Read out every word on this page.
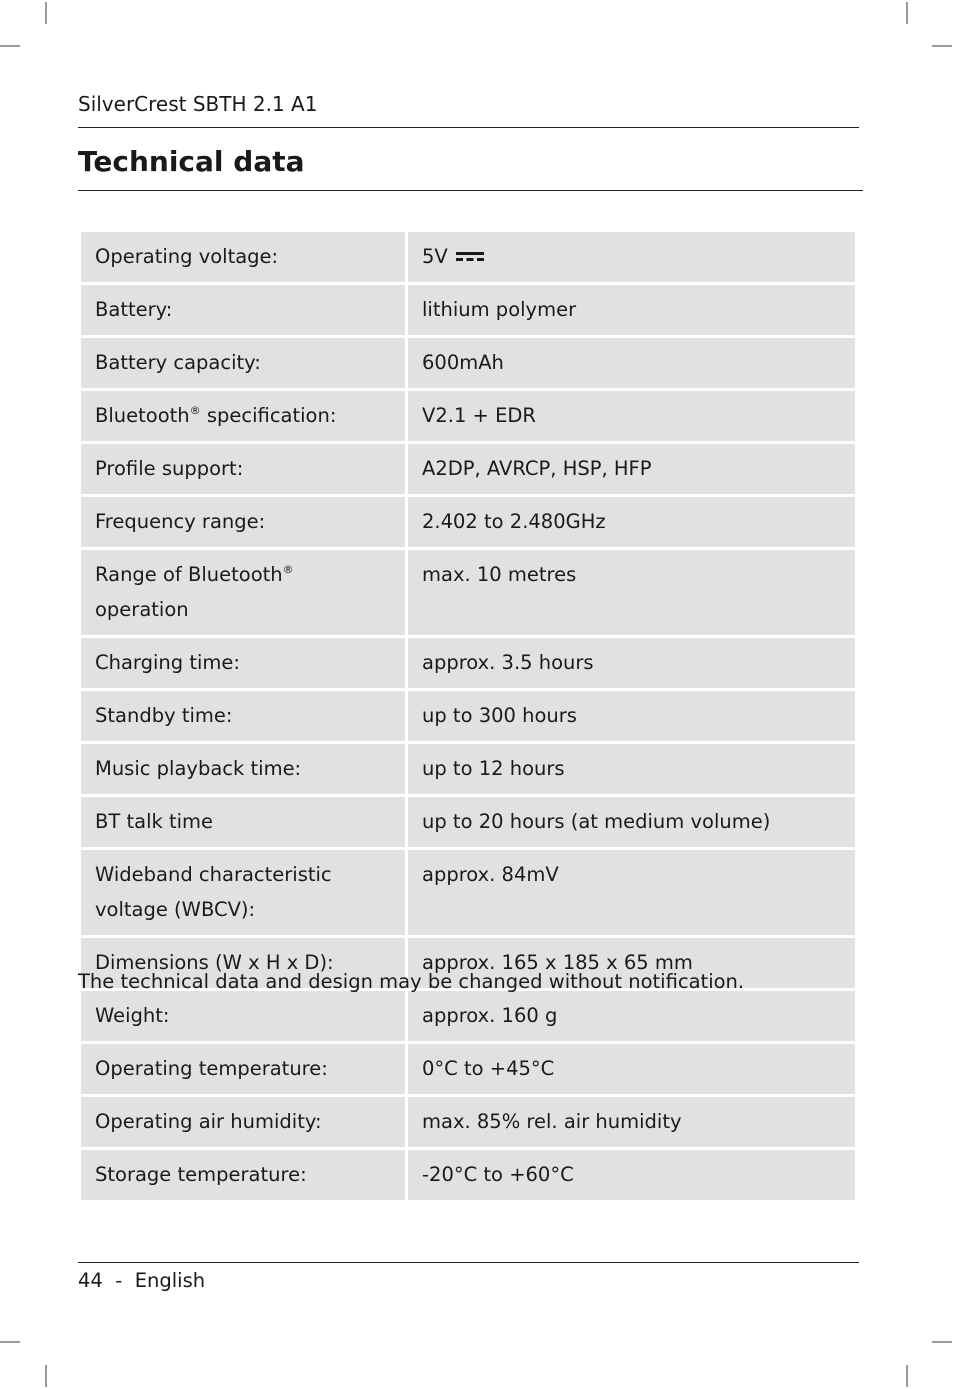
SilverCrest SBTH 2.1 A1
Technical data
Operating voltage:	5V
Battery:	lithium polymer
Battery capacity:	600mAh
Bluetooth® specification:	V2.1 + EDR
Profile support:	A2DP, AVRCP, HSP, HFP
Frequency range:	2.402 to 2.480GHz
Range of Bluetooth® operation	max. 10 metres
Charging time:	approx. 3.5 hours
Standby time:	up to 300 hours
Music playback time:	up to 12 hours
BT talk time	up to 20 hours (at medium volume)
Wideband characteristic
voltage (WBCV):	approx. 84mV
Dimensions (W x H x D):	approx. 165 x 185 x 65 mm
Weight:	approx. 160 g
Operating temperature:	0°C to +45°C
Operating air humidity:	max. 85% rel. air humidity
Storage temperature:	-20°C to +60°C
The technical data and design may be changed without notification.
44 - English
